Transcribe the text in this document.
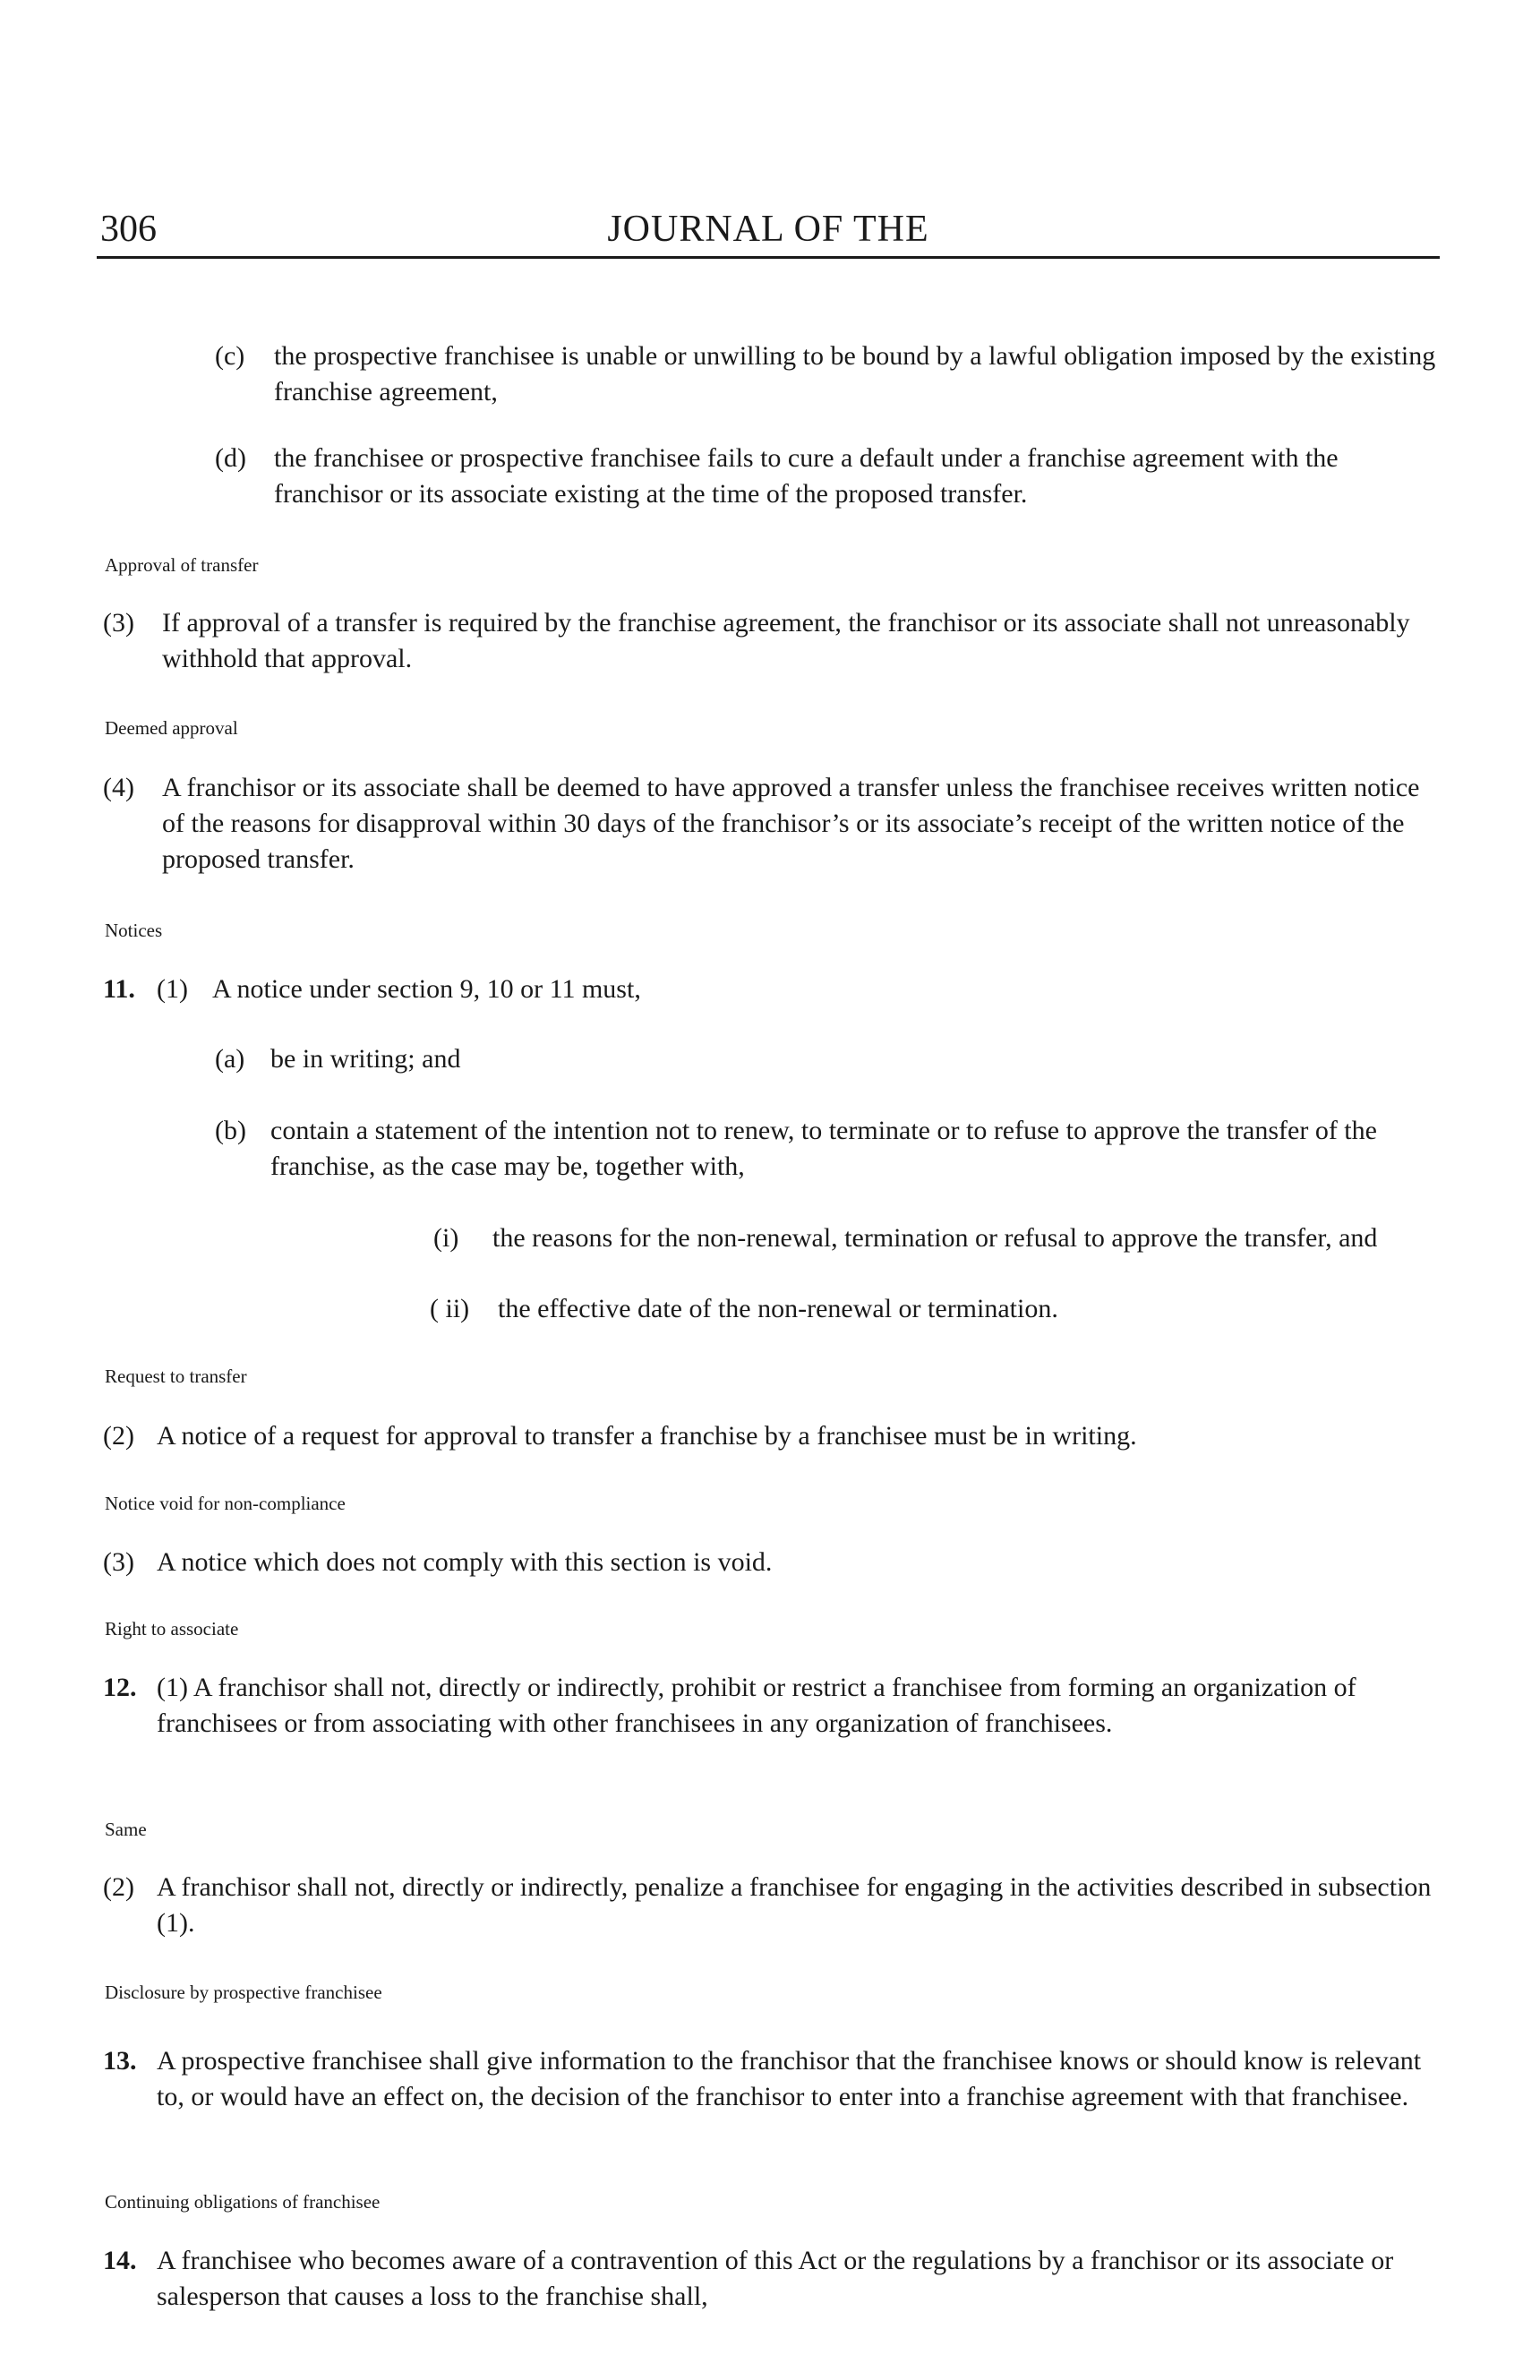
306	JOURNAL OF THE
(c) the prospective franchisee is unable or unwilling to be bound by a lawful obligation imposed by the existing franchise agreement,
(d) the franchisee or prospective franchisee fails to cure a default under a franchise agreement with the franchisor or its associate existing at the time of the proposed transfer.
Approval of transfer
(3) If approval of a transfer is required by the franchise agreement, the franchisor or its associate shall not unreasonably withhold that approval.
Deemed approval
(4) A franchisor or its associate shall be deemed to have approved a transfer unless the franchisee receives written notice of the reasons for disapproval within 30 days of the franchisor’s or its associate’s receipt of the written notice of the proposed transfer.
Notices
11. (1) A notice under section 9, 10 or 11 must,
(a) be in writing; and
(b) contain a statement of the intention not to renew, to terminate or to refuse to approve the transfer of the franchise, as the case may be, together with,
(i) the reasons for the non-renewal, termination or refusal to approve the transfer, and
( ii) the effective date of the non-renewal or termination.
Request to transfer
(2) A notice of a request for approval to transfer a franchise by a franchisee must be in writing.
Notice void for non-compliance
(3) A notice which does not comply with this section is void.
Right to associate
12. (1) A franchisor shall not, directly or indirectly, prohibit or restrict a franchisee from forming an organization of franchisees or from associating with other franchisees in any organization of franchisees.
Same
(2) A franchisor shall not, directly or indirectly, penalize a franchisee for engaging in the activities described in subsection (1).
Disclosure by prospective franchisee
13. A prospective franchisee shall give information to the franchisor that the franchisee knows or should know is relevant to, or would have an effect on, the decision of the franchisor to enter into a franchise agreement with that franchisee.
Continuing obligations of franchisee
14. A franchisee who becomes aware of a contravention of this Act or the regulations by a franchisor or its associate or salesperson that causes a loss to the franchise shall,
